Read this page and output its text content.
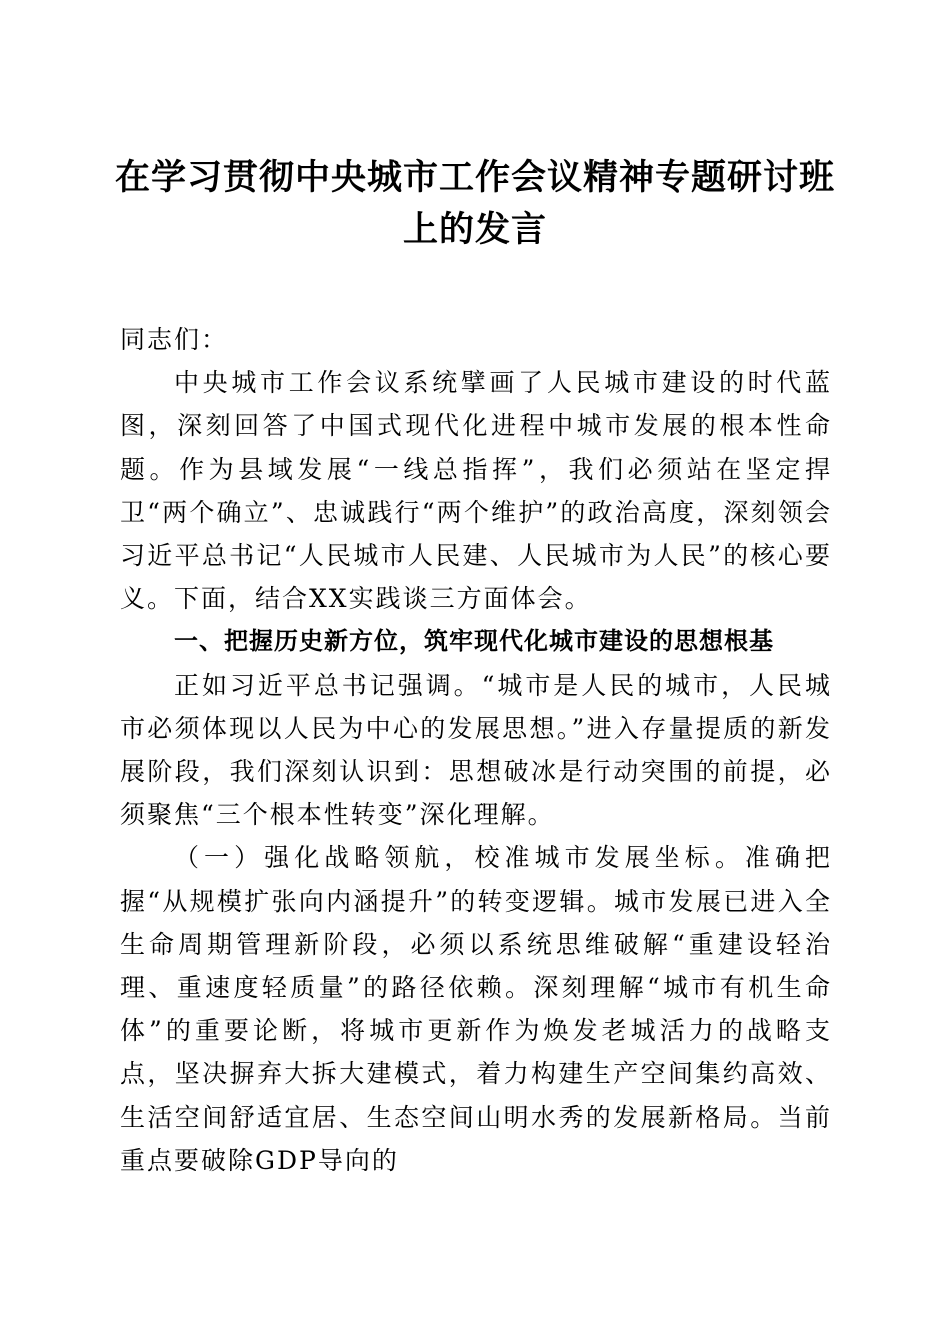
在学习贯彻中央城市工作会议精神专题研讨班
上的发言

同志们：

中央城市工作会议系统擘画了人民城市建设的时代蓝图，深刻回答了中国式现代化进程中城市发展的根本性命题。作为县域发展“一线总指挥”，我们必须站在坚定捍卫“两个确立”、忠诚践行“两个维护”的政治高度，深刻领会习近平总书记“人民城市人民建、人民城市为人民”的核心要义。下面，结合XX实践谈三方面体会。

一、把握历史新方位，筑牢现代化城市建设的思想根基

正如习近平总书记强调。“城市是人民的城市，人民城市必须体现以人民为中心的发展思想。”进入存量提质的新发展阶段，我们深刻认识到：思想破冰是行动突围的前提，必须聚焦“三个根本性转变”深化理解。

（一）强化战略领航，校准城市发展坐标。准确把握“从规模扩张向内涵提升”的转变逻辑。城市发展已进入全生命周期管理新阶段，必须以系统思维破解“重建设轻治理、重速度轻质量”的路径依赖。深刻理解“城市有机生命体”的重要论断，将城市更新作为焕发老城活力的战略支点，坚决摒弃大拆大建模式，着力构建生产空间集约高效、生活空间舒适宜居、生态空间山明水秀的发展新格局。当前重点要破除GDP导向的
